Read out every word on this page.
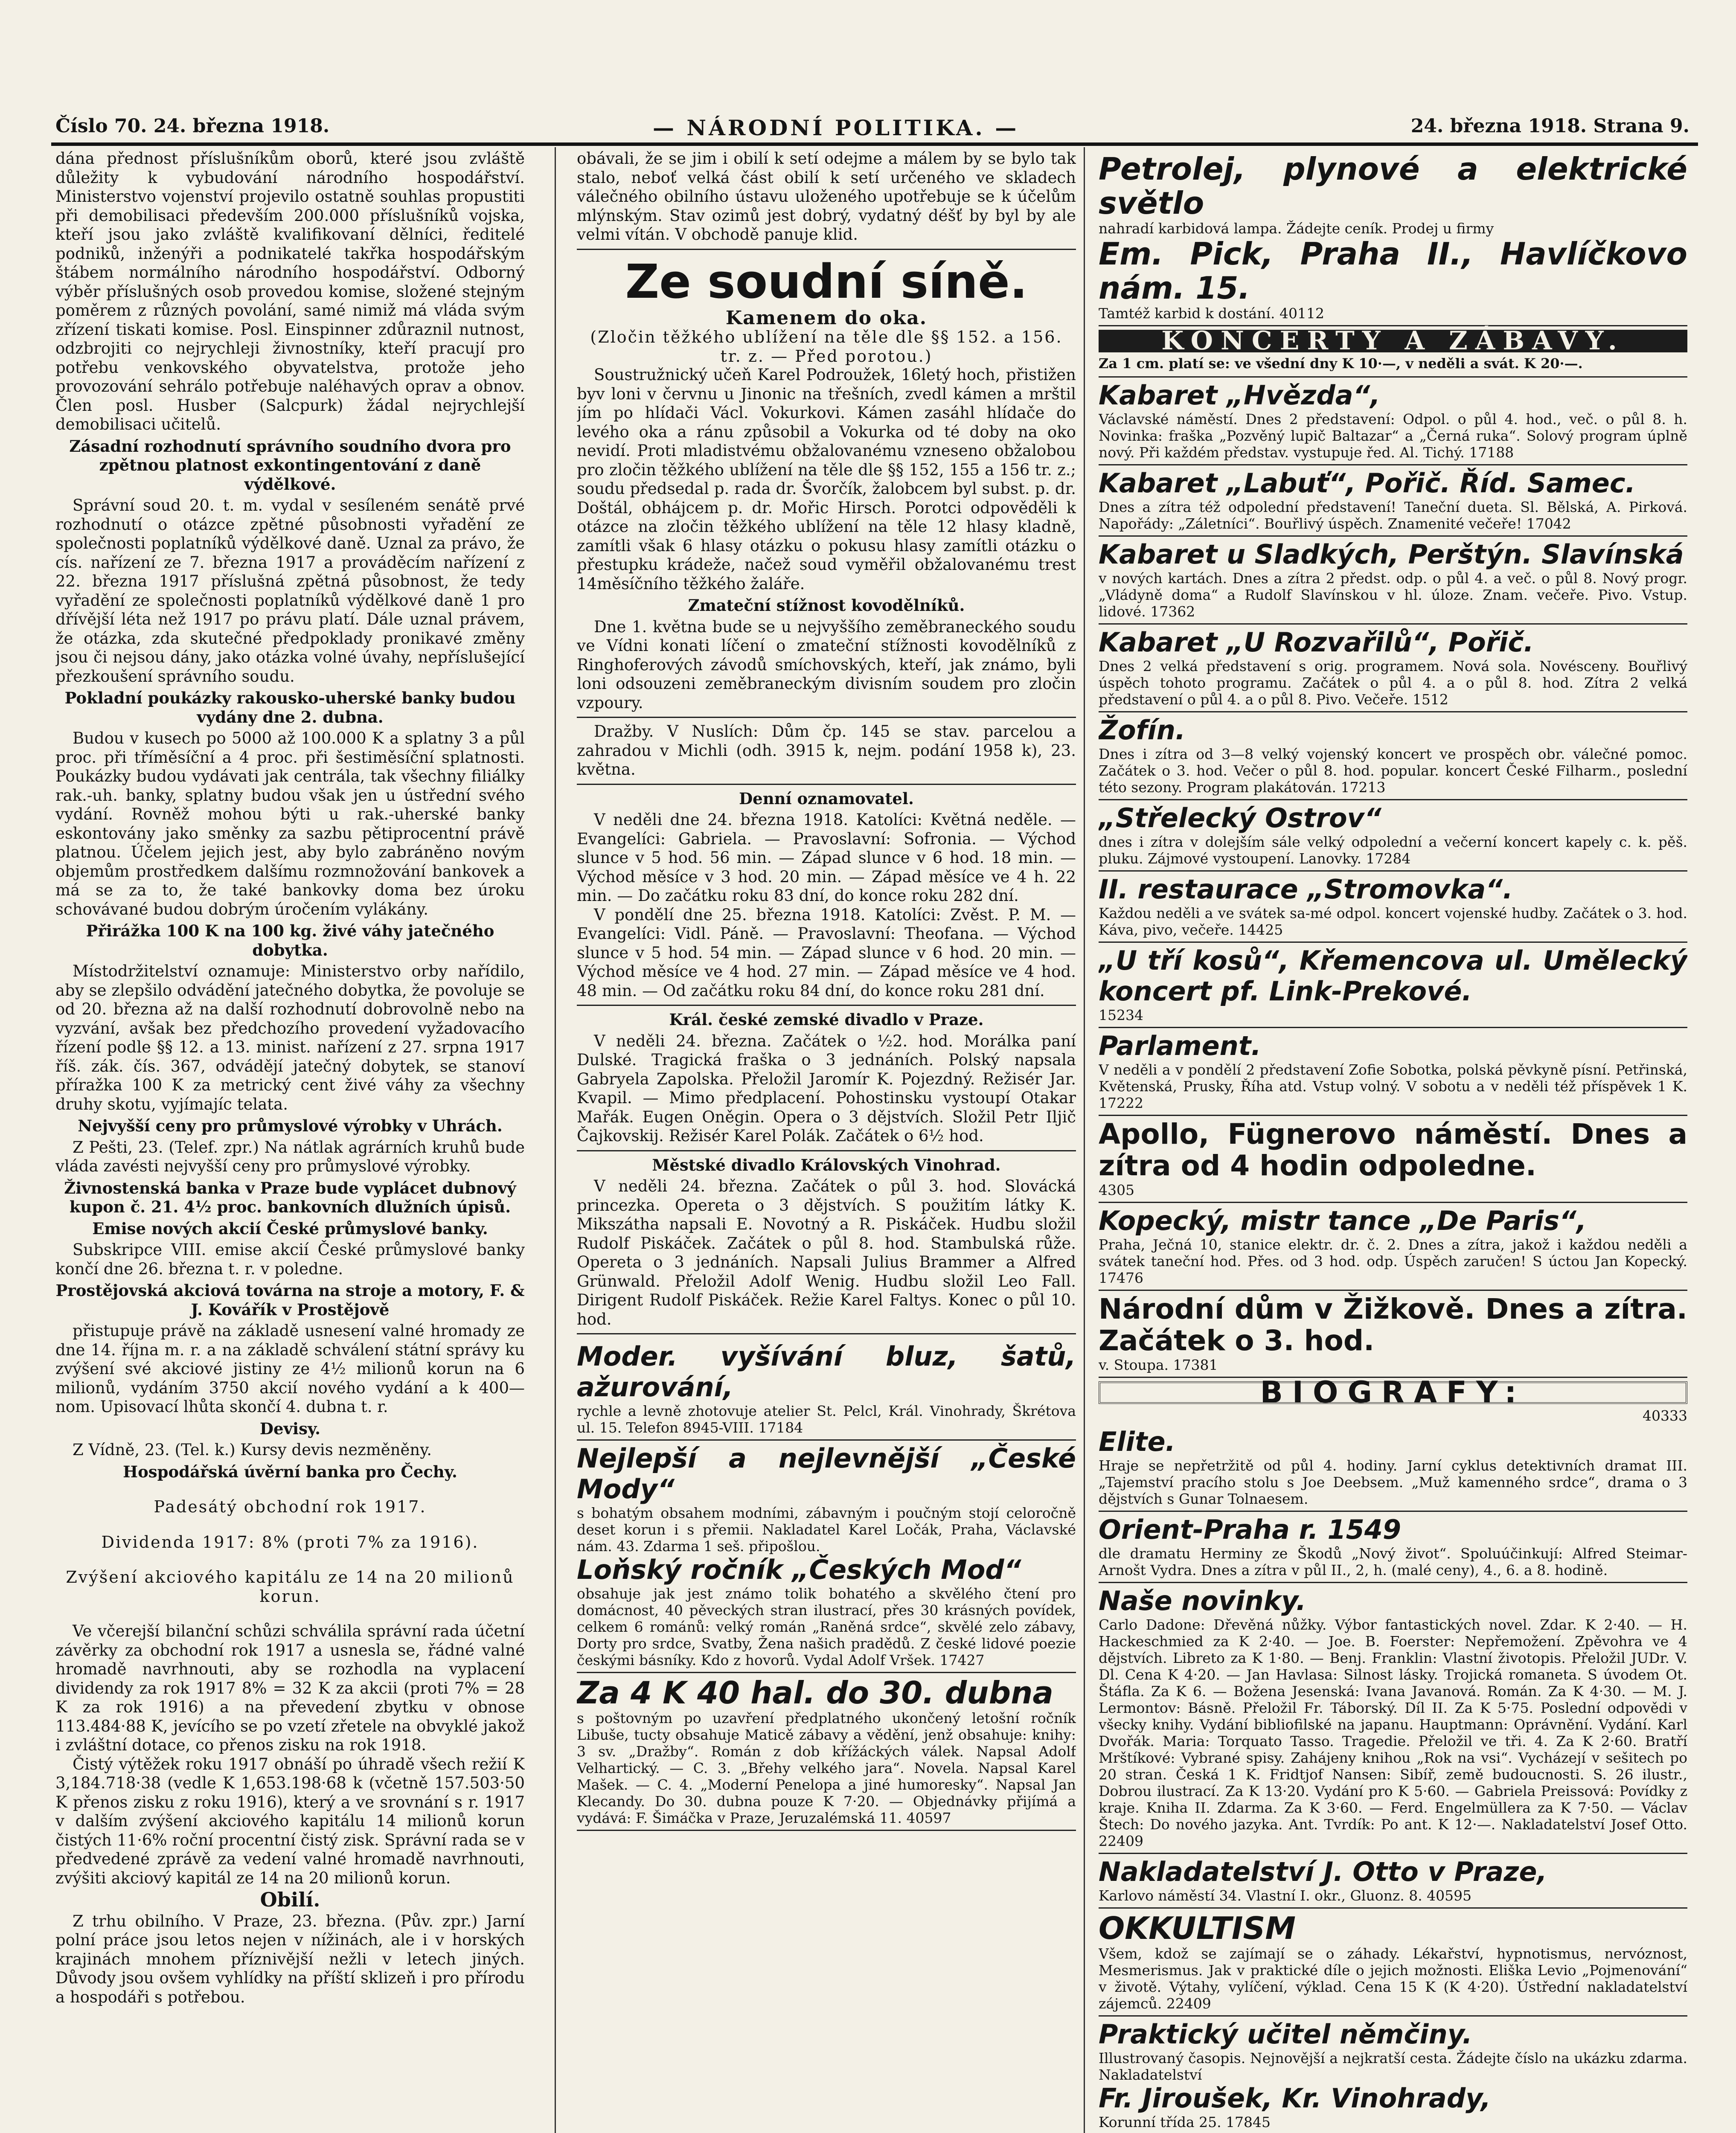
Číslo 70. 24. března 1918.	— NÁRODNÍ POLITIKA. —	24. března 1918. Strana 9.

dána přednost příslušníkům oborů, které jsou zvláště důležity k vybudování národního hospodářství. Ministerstvo vojenství projevilo ostatně souhlas propustiti při demobilisaci především 200.000 příslušníků vojska, kteří jsou jako zvláště kvalifikovaní dělníci, ředitelé podniků, inženýři a podnikatelé takřka hospodářským štábem normálního národního hospodářství. Odborný výběr příslušných osob provedou komise, složené stejným poměrem z různých povolání, samé nimiž má vláda svým zřízení tiskati komise. Posl. Einspinner zdůraznil nutnost, odzbrojiti co nejrychleji živnostníky, kteří pracují pro potřebu venkovského obyvatelstva, protože jeho provozování sehrálo potřebuje naléhavých oprav a obnov. Člen posl. Husber (Salcpurk) žádal nejrychlejší demobilisaci učitelů.

Zásadní rozhodnutí správního soudního dvora pro zpětnou platnost exkontingentování z daně výdělkové.

Správní soud 20. t. m. vydal v sesíleném senátě prvé rozhodnutí o otázce zpětné působnosti vyřadění ze společnosti poplatníků výdělkové daně. Uznal za právo, že cís. nařízení ze 7. března 1917 a prováděcím nařízení z 22. března 1917 příslušná zpětná působnost, že tedy vyřadění ze společnosti poplatníků výdělkové daně 1 pro dřívější léta než 1917 po právu platí. Dále uznal právem, že otázka, zda skutečné předpoklady pronikavé změny jsou či nejsou dány, jako otázka volné úvahy, nepříslušející přezkoušení správního soudu.

Pokladní poukázky rakousko-uherské banky budou vydány dne 2. dubna.

Budou v kusech po 5000 až 100.000 K a splatny 3 a půl proc. při tříměsíční a 4 proc. při šestiměsíční splatnosti. Poukázky budou vydávati jak centrála, tak všechny filiálky rak.-uh. banky, splatny budou však jen u ústřední svého vydání. Rovněž mohou býti u rak.-uherské banky eskontovány jako směnky za sazbu pětiprocentní právě platnou. Účelem jejich jest, aby bylo zabráněno novým objemům prostředkem dalšímu rozmnožování bankovek a má se za to, že také bankovky doma bez úroku schovávané budou dobrým úročením vylákány.

Přirážka 100 K na 100 kg. živé váhy jatečného dobytka.

Místodržitelství oznamuje: Ministerstvo orby nařídilo, aby se zlepšilo odvádění jatečného dobytka, že povoluje se od 20. března až na další rozhodnutí dobrovolně nebo na vyzvání, avšak bez předchozího provedení vyžadovacího řízení podle §§ 12. a 13. minist. nařízení z 27. srpna 1917 říš. zák. čís. 367, odvádějí jatečný dobytek, se stanoví příražka 100 K za metrický cent živé váhy za všechny druhy skotu, vyjímajíc telata.

Nejvyšší ceny pro průmyslové výrobky v Uhrách.

Z Pešti, 23. (Telef. zpr.) Na nátlak agrárních kruhů bude vláda zavésti nejvyšší ceny pro průmyslové výrobky.

Živnostenská banka v Praze bude vyplácet dubnový kupon č. 21. 4½ proc. bankovních dlužních úpisů.

Emise nových akcií České průmyslové banky.

Subskripce VIII. emise akcií České průmyslové banky končí dne 26. března t. r. v poledne.

Prostějovská akciová továrna na stroje a motory, F. & J. Kovářík v Prostějově

přistupuje právě na základě usnesení valné hromady ze dne 14. října m. r. a na základě schválení státní správy ku zvýšení své akciové jistiny ze 4½ milionů korun na 6 milionů, vydáním 3750 akcií nového vydání a k 400— nom. Upisovací lhůta skončí 4. dubna t. r.

Devisy.

Z Vídně, 23. (Tel. k.) Kursy devis nezměněny.

Hospodářská úvěrní banka pro Čechy.

Padesátý obchodní rok 1917.

Dividenda 1917: 8% (proti 7% za 1916).

Zvýšení akciového kapitálu ze 14 na 20 milionů korun.

Ve včerejší bilanční schůzi schválila správní rada účetní závěrky za obchodní rok 1917 a usnesla se, řádné valné hromadě navrhnouti, aby se rozhodla na vyplacení dividendy za rok 1917 8% = 32 K za akcii (proti 7% = 28 K za rok 1916) a na převedení zbytku v obnose 113.484·88 K, jevícího se po vzetí zřetele na obvyklé jakož i zvláštní dotace, co přenos zisku na rok 1918.

Čistý výtěžek roku 1917 obnáší po úhradě všech režií K 3,184.718·38 (vedle K 1,653.198·68 k (včetně 157.503·50 K přenos zisku z roku 1916), který a ve srovnání s r. 1917 v dalším zvýšení akciového kapitálu 14 milionů korun čistých 11·6% roční procentní čistý zisk. Správní rada se v předvedené zprávě za vedení valné hromadě navrhnouti, zvýšiti akciový kapitál ze 14 na 20 milionů korun.

Obilí.

Z trhu obilního. V Praze, 23. března. (Pův. zpr.) Jarní polní práce jsou letos nejen v nížinách, ale i v horských krajinách mnohem příznivější nežli v letech jiných. Důvody jsou ovšem vyhlídky na příští sklizeň i pro přírodu a hospodáři s potřebou.

obávali, že se jim i obilí k setí odejme a málem by se bylo tak stalo, neboť velká část obilí k setí určeného ve skladech válečného obilního ústavu uloženého upotřebuje se k účelům mlýnským. Stav ozimů jest dobrý, vydatný déšť by byl by ale velmi vítán. V obchodě panuje klid.

Ze soudní síně.
Kamenem do oka.
(Zločin těžkého ublížení na těle dle §§ 152. a 156. tr. z. — Před porotou.)

Soustružnický učeň Karel Podroužek, 16letý hoch, přistižen byv loni v červnu u Jinonic na třešních, zvedl kámen a mrštil jím po hlídači Václ. Vokurkovi. Kámen zasáhl hlídače do levého oka a ránu způsobil a Vokurka od té doby na oko nevidí. Proti mladistvému obžalovanému vzneseno obžalobou pro zločin těžkého ublížení na těle dle §§ 152, 155 a 156 tr. z.; soudu předsedal p. rada dr. Švorčík, žalobcem byl subst. p. dr. Doštál, obhájcem p. dr. Mořic Hirsch. Porotci odpověděli k otázce na zločin těžkého ublížení na těle 12 hlasy kladně, zamítli však 6 hlasy otázku o pokusu hlasy zamítli otázku o přestupku krádeže, načež soud vyměřil obžalovanému trest 14měsíčního těžkého žaláře.

Zmateční stížnost kovodělníků.

Dne 1. května bude se u nejvyššího zeměbraneckého soudu ve Vídni konati líčení o zmateční stížnosti kovodělníků z Ringhoferových závodů smíchovských, kteří, jak známo, byli loni odsouzeni zeměbraneckým divisním soudem pro zločin vzpoury.

Dražby. V Nuslích: Dům čp. 145 se stav. parcelou a zahradou v Michli (odh. 3915 k, nejm. podání 1958 k), 23. května.

Denní oznamovatel.

V neděli dne 24. března 1918. Katolíci: Květná neděle. — Evangelíci: Gabriela. — Pravoslavní: Sofronia. — Východ slunce v 5 hod. 56 min. — Západ slunce v 6 hod. 18 min. — Východ měsíce v 3 hod. 20 min. — Západ měsíce ve 4 h. 22 min. — Do začátku roku 83 dní, do konce roku 282 dní.

V pondělí dne 25. března 1918. Katolíci: Zvěst. P. M. — Evangelíci: Vidl. Páně. — Pravoslavní: Theofana. — Východ slunce v 5 hod. 54 min. — Západ slunce v 6 hod. 20 min. — Východ měsíce ve 4 hod. 27 min. — Západ měsíce ve 4 hod. 48 min. — Od začátku roku 84 dní, do konce roku 281 dní.

Král. české zemské divadlo v Praze.

V neděli 24. března. Začátek o ½2. hod. Morálka paní Dulské. Tragická fraška o 3 jednáních. Polský napsala Gabryela Zapolska. Přeložil Jaromír K. Pojezdný. Režisér Jar. Kvapil. — Mimo předplacení. Pohostinsku vystoupí Otakar Mařák. Eugen Oněgin. Opera o 3 dějstvích. Složil Petr Iljič Čajkovskij. Režisér Karel Polák. Začátek o 6½ hod.

Městské divadlo Královských Vinohrad.

V neděli 24. března. Začátek o půl 3. hod. Slovácká princezka. Opereta o 3 dějstvích. S použitím látky K. Mikszátha napsali E. Novotný a R. Piskáček. Hudbu složil Rudolf Piskáček. Začátek o půl 8. hod. Stambulská růže. Opereta o 3 jednáních. Napsali Julius Brammer a Alfred Grünwald. Přeložil Adolf Wenig. Hudbu složil Leo Fall. Dirigent Rudolf Piskáček. Režie Karel Faltys. Konec o půl 10. hod.

Moder. vyšívání bluz, šatů, ažurování,
rychle a levně zhotovuje atelier St. Pelcl, Král. Vinohrady, Škrétova ul. 15. Telefon 8945-VIII. 17184
Nejlepší a nejlevnější „České Mody“
s bohatým obsahem modními, zábavným i poučným stojí celoročně deset korun i s přemii. Nakladatel Karel Ločák, Praha, Václavské nám. 43. Zdarma 1 seš. připošlou.
Loňský ročník „Českých Mod“
obsahuje jak jest známo tolik bohatého a skvělého čtení pro domácnost, 40 pěveckých stran ilustrací, přes 30 krásných povídek, celkem 6 románů: velký román „Raněná srdce“, skvělé zelo zábavy, Dorty pro srdce, Svatby, Žena našich pradědů. Z české lidové poezie českými básníky. Kdo z hovorů. Vydal Adolf Vršek. 17427
Za 4 K 40 hal. do 30. dubna
s poštovným po uzavření předplatného ukončený letošní ročník Libuše, tucty obsahuje Maticě zábavy a vědění, jenž obsahuje: knihy: 3 sv. „Dražby“. Román z dob křížáckých válek. Napsal Adolf Velhartický. — C. 3. „Břehy velkého jara“. Novela. Napsal Karel Mašek. — C. 4. „Moderní Penelopa a jiné humoresky“. Napsal Jan Klecandy. Do 30. dubna pouze K 7·20. — Objednávky přijímá a vydává: F. Šimáčka v Praze, Jeruzalémská 11. 40597
Petrolej, plynové a elektrické světlo
nahradí karbidová lampa. Žádejte ceník. Prodej u firmy
Em. Pick, Praha II., Havlíčkovo nám. 15.
Tamtéž karbid k dostání. 40112
KONCERTY A ZÁBAVY.
Za 1 cm. platí se: ve všední dny K 10·—, v neděli a svát. K 20·—.
Kabaret „Hvězda“,
Václavské náměstí. Dnes 2 představení: Odpol. o půl 4. hod., več. o půl 8. h. Novinka: fraška „Pozvěný lupič Baltazar“ a „Černá ruka“. Solový program úplně nový. Při každém představ. vystupuje řed. Al. Tichý. 17188
Kabaret „Labuť“, Pořič. Říd. Samec.
Dnes a zítra též odpolední představení! Taneční dueta. Sl. Bělská, A. Pirková. Napořády: „Záletníci“. Bouřlivý úspěch. Znamenité večeře! 17042
Kabaret u Sladkých, Perštýn. Slavínská
v nových kartách. Dnes a zítra 2 předst. odp. o půl 4. a več. o půl 8. Nový progr. „Vládyně doma“ a Rudolf Slavínskou v hl. úloze. Znam. večeře. Pivo. Vstup. lidové. 17362
Kabaret „U Rozvařilů“, Pořič.
Dnes 2 velká představení s orig. programem. Nová sola. Novésceny. Bouřlivý úspěch tohoto programu. Začátek o půl 4. a o půl 8. hod. Zítra 2 velká představení o půl 4. a o půl 8. Pivo. Večeře. 1512
Žofín.
Dnes i zítra od 3—8 velký vojenský koncert ve prospěch obr. válečné pomoc. Začátek o 3. hod. Večer o půl 8. hod. popular. koncert České Filharm., poslední této sezony. Program plakátován. 17213
„Střelecký Ostrov“
dnes i zítra v dolejším sále velký odpolední a večerní koncert kapely c. k. pěš. pluku. Zájmové vystoupení. Lanovky. 17284
II. restaurace „Stromovka“.
Každou neděli a ve svátek sa-mé odpol. koncert vojenské hudby. Začátek o 3. hod. Káva, pivo, večeře. 14425
„U tří kosů“, Křemencova ul. Umělecký koncert pf. Link-Prekové.
15234
Parlament.
V neděli a v pondělí 2 představení Zofie Sobotka, polská pěvkyně písní. Petřinská, Květenská, Prusky, Říha atd. Vstup volný. V sobotu a v neděli též příspěvek 1 K. 17222
Apollo, Fügnerovo náměstí. Dnes a zítra od 4 hodin odpoledne.
4305
Kopecký, mistr tance „De Paris“,
Praha, Ječná 10, stanice elektr. dr. č. 2. Dnes a zítra, jakož i každou neděli a svátek taneční hod. Přes. od 3 hod. odp. Úspěch zaručen! S úctou Jan Kopecký. 17476
Národní dům v Žižkově. Dnes a zítra. Začátek o 3. hod.
v. Stoupa. 17381
BIOGRAFY:
40333
Elite.
Hraje se nepřetržitě od půl 4. hodiny. Jarní cyklus detektivních dramat III. „Tajemství pracího stolu s Joe Deebsem. „Muž kamenného srdce“, drama o 3 dějstvích s Gunar Tolnaesem.
Orient-Praha r. 1549
dle dramatu Herminy ze Škodů „Nový život“. Spoluúčinkují: Alfred Steimar-Arnošt Vydra. Dnes a zítra v půl II., 2, h. (malé ceny), 4., 6. a 8. hodině.
Naše novinky.
Carlo Dadone: Dřevěná nůžky. Výbor fantastických novel. Zdar. K 2·40. — H. Hackeschmied za K 2·40. — Joe. B. Foerster: Nepřemožení. Zpěvohra ve 4 dějstvích. Libreto za K 1·80. — Benj. Franklin: Vlastní životopis. Přeložil JUDr. V. Dl. Cena K 4·20. — Jan Havlasa: Silnost lásky. Trojická romaneta. S úvodem Ot. Štáfla. Za K 6. — Božena Jesenská: Ivana Javanová. Román. Za K 4·30. — M. J. Lermontov: Básně. Přeložil Fr. Táborský. Díl II. Za K 5·75. Poslední odpovědi v všecky knihy. Vydání bibliofilské na japanu. Hauptmann: Oprávnění. Vydání. Karl Dvořák. Maria: Torquato Tasso. Tragedie. Přeložil ve tři. 4. Za K 2·60. Bratří Mrštíkové: Vybrané spisy. Zahájeny knihou „Rok na vsi“. Vycházejí v sešitech po 20 stran. Česká 1 K. Fridtjof Nansen: Sibíř, země budoucnosti. S. 26 ilustr., Dobrou ilustrací. Za K 13·20. Vydání pro K 5·60. — Gabriela Preissová: Povídky z kraje. Kniha II. Zdarma. Za K 3·60. — Ferd. Engelmüllera za K 7·50. — Václav Štech: Do nového jazyka. Ant. Tvrdík: Po ant. K 12·—. Nakladatelství Josef Otto. 22409
Nakladatelství J. Otto v Praze,
Karlovo náměstí 34. Vlastní I. okr., Gluonz. 8. 40595
OKKULTISM
Všem, kdož se zajímají se o záhady. Lékařství, hypnotismus, nervóznost, Mesmerismus. Jak v praktické díle o jejich možnosti. Eliška Levio „Pojmenování“ v životě. Výtahy, vylíčení, výklad. Cena 15 K (K 4·20). Ústřední nakladatelství zájemců. 22409
Praktický učitel němčiny.
Illustrovaný časopis. Nejnovější a nejkratší cesta. Žádejte číslo na ukázku zdarma. Nakladatelství
Fr. Jiroušek, Kr. Vinohrady,
Korunní třída 25. 17845
